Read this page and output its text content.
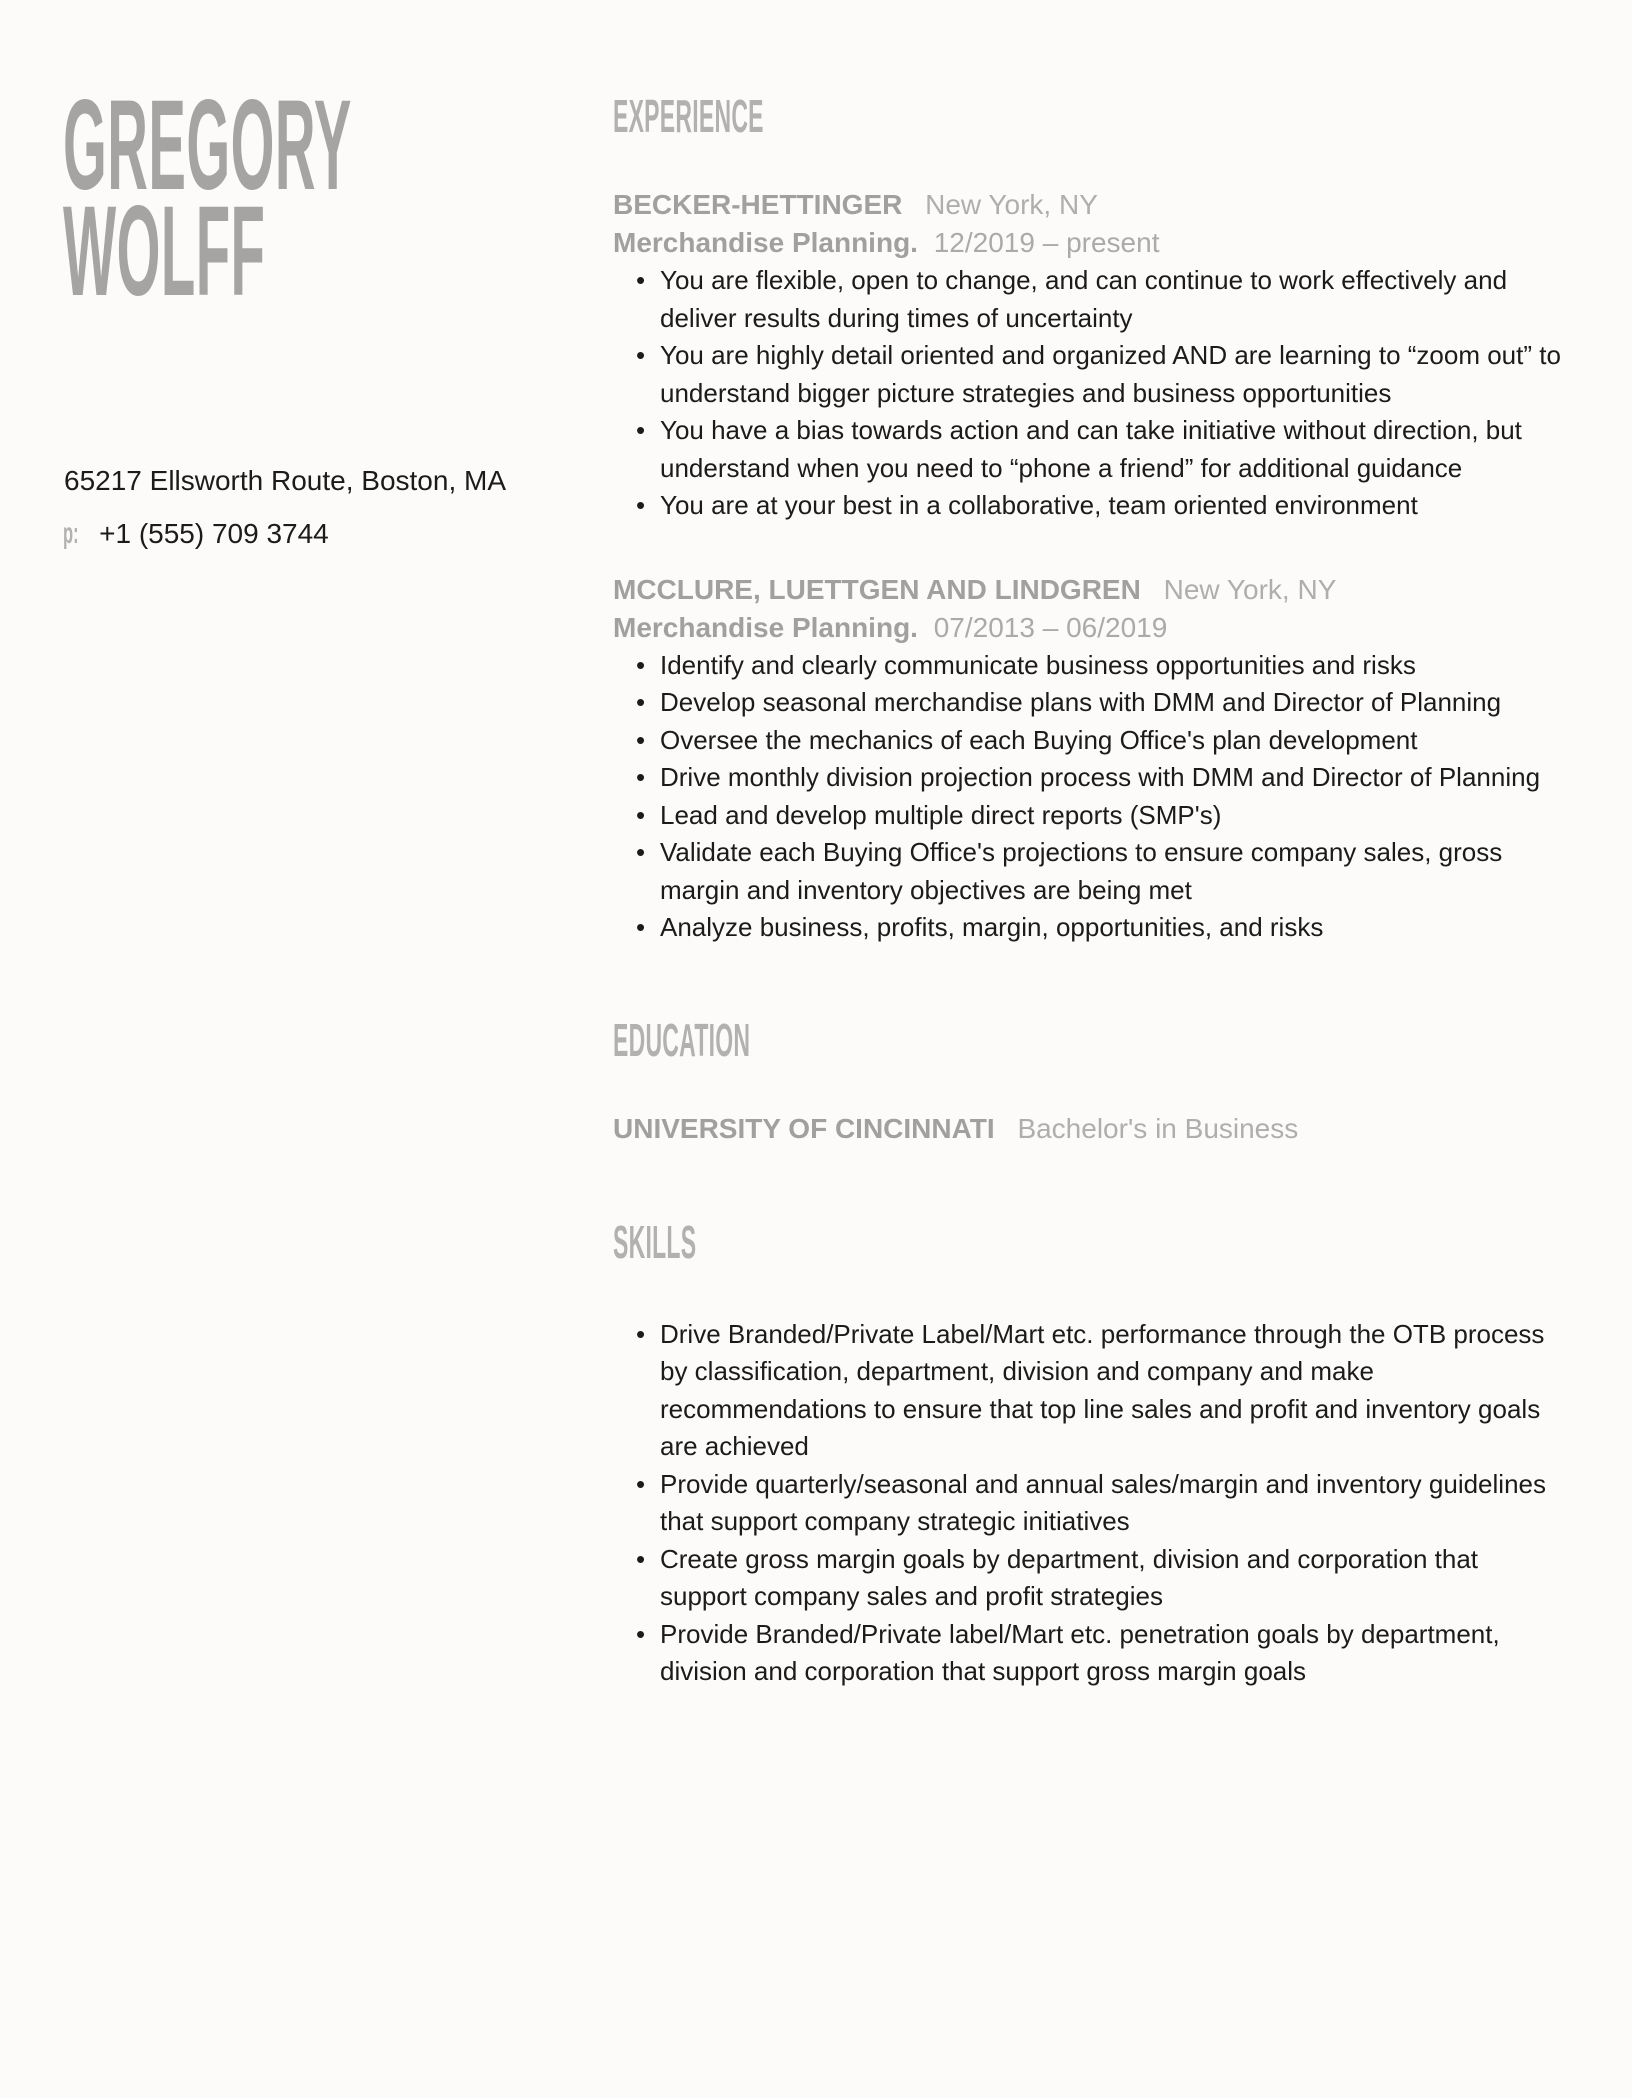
GREGORY
WOLFF
65217 Ellsworth Route, Boston, MA
p: +1 (555) 709 3744
EXPERIENCE
BECKER-HETTINGER New York, NY
Merchandise Planning. 12/2019 – present
• You are flexible, open to change, and can continue to work effectively and deliver results during times of uncertainty
• You are highly detail oriented and organized AND are learning to “zoom out” to understand bigger picture strategies and business opportunities
• You have a bias towards action and can take initiative without direction, but understand when you need to “phone a friend” for additional guidance
• You are at your best in a collaborative, team oriented environment
MCCLURE, LUETTGEN AND LINDGREN New York, NY
Merchandise Planning. 07/2013 – 06/2019
• Identify and clearly communicate business opportunities and risks
• Develop seasonal merchandise plans with DMM and Director of Planning
• Oversee the mechanics of each Buying Office's plan development
• Drive monthly division projection process with DMM and Director of Planning
• Lead and develop multiple direct reports (SMP's)
• Validate each Buying Office's projections to ensure company sales, gross margin and inventory objectives are being met
• Analyze business, profits, margin, opportunities, and risks
EDUCATION
UNIVERSITY OF CINCINNATI Bachelor's in Business
SKILLS
• Drive Branded/Private Label/Mart etc. performance through the OTB process by classification, department, division and company and make recommendations to ensure that top line sales and profit and inventory goals are achieved
• Provide quarterly/seasonal and annual sales/margin and inventory guidelines that support company strategic initiatives
• Create gross margin goals by department, division and corporation that support company sales and profit strategies
• Provide Branded/Private label/Mart etc. penetration goals by department, division and corporation that support gross margin goals
